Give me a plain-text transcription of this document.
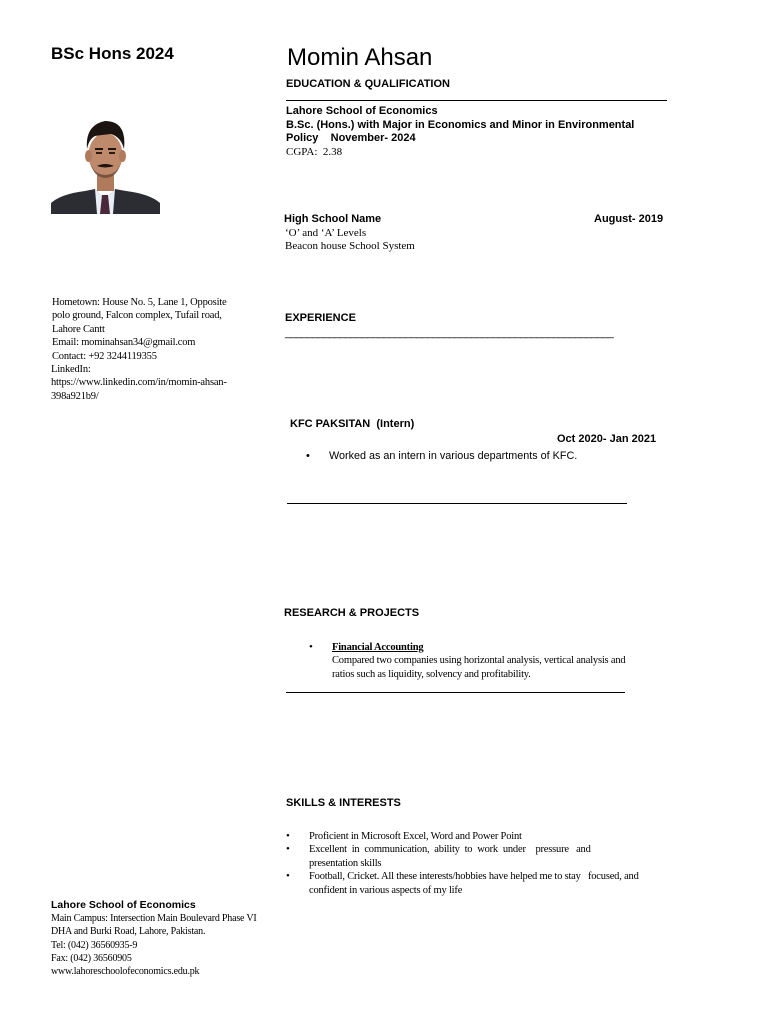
BSc Hons 2024
Hometown: House No. 5, Lane 1, Opposite
polo ground, Falcon complex, Tufail road,
Lahore Cantt
Email: mominahsan34@gmail.com
Contact: +92 3244119355
LinkedIn:
https://www.linkedin.com/in/momin-ahsan-
398a921b9/
Lahore School of Economics
Main Campus: Intersection Main Boulevard Phase VI
DHA and Burki Road, Lahore, Pakistan.
Tel: (042) 36560935-9
Fax: (042) 36560905
www.lahoreschoolofeconomics.edu.pk
Momin Ahsan
EDUCATION & QUALIFICATION
Lahore School of Economics
B.Sc. (Hons.) with Major in Economics and Minor in Environmental
Policy    November- 2024
CGPA:  2.38
High School Name	August- 2019
‘O’ and ‘A’ Levels
Beacon house School System
EXPERIENCE
____________________________________________________________
KFC PAKSITAN  (Intern)
Oct 2020- Jan 2021
• Worked as an intern in various departments of KFC.
RESEARCH & PROJECTS
• Financial Accounting
Compared two companies using horizontal analysis, vertical analysis and
ratios such as liquidity, solvency and profitability.
SKILLS & INTERESTS
• Proficient in Microsoft Excel, Word and Power Point
• Excellent  in  communication,  ability  to  work  under    pressure   and
presentation skills
• Football, Cricket. All these interests/hobbies have helped me to stay   focused, and
confident in various aspects of my life
